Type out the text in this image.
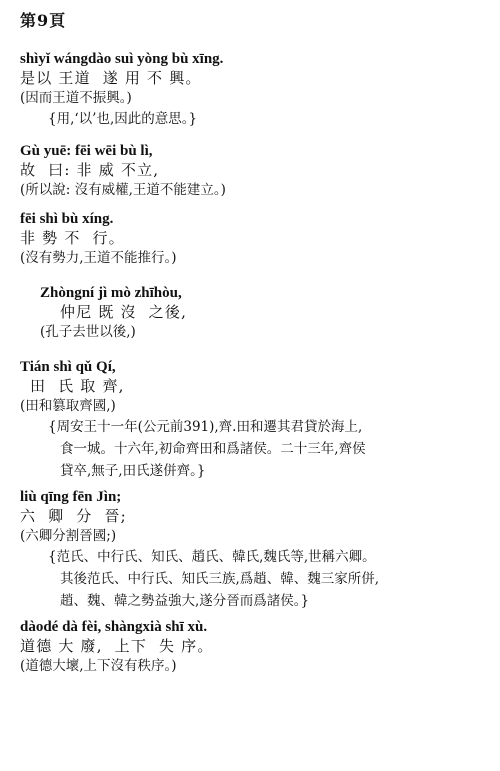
第9頁
shìyǐ wángdào suì yòng bù xīng.
是以 王道  遂 用 不 興。
(因而王道不振興。)
{用,‘以’也,因此的意思。}
Gù yuē: fēi wēi bù lì,
故  曰: 非 威 不立,
(所以說: 沒有威權,王道不能建立。)
fēi shì bù xíng.
非 勢 不  行。
(沒有勢力,王道不能推行。)
Zhòngní jì mò zhīhòu,
仲尼 既 沒  之後,
(孔子去世以後,)
Tián shì qǔ Qí,
田  氏 取 齊,
(田和篡取齊國,)
{周安王十一年(公元前391),齊.田和遷其君貸於海上,
食一城。十六年,初命齊田和爲諸侯。二十三年,齊侯
貸卒,無子,田氏遂併齊。}
liù qīng fēn Jìn;
六  卿  分  晉;
(六卿分割晉國;)
{范氏、中行氏、知氏、趙氏、韓氏,魏氏等,世稱六卿。
其後范氏、中行氏、知氏三族,爲趙、韓、魏三家所併,
趙、魏、韓之勢益強大,遂分晉而爲諸侯。}
dàodé dà fèi, shàngxià shī xù.
道德 大 廢,  上下  失 序。
(道德大壞,上下沒有秩序。)
